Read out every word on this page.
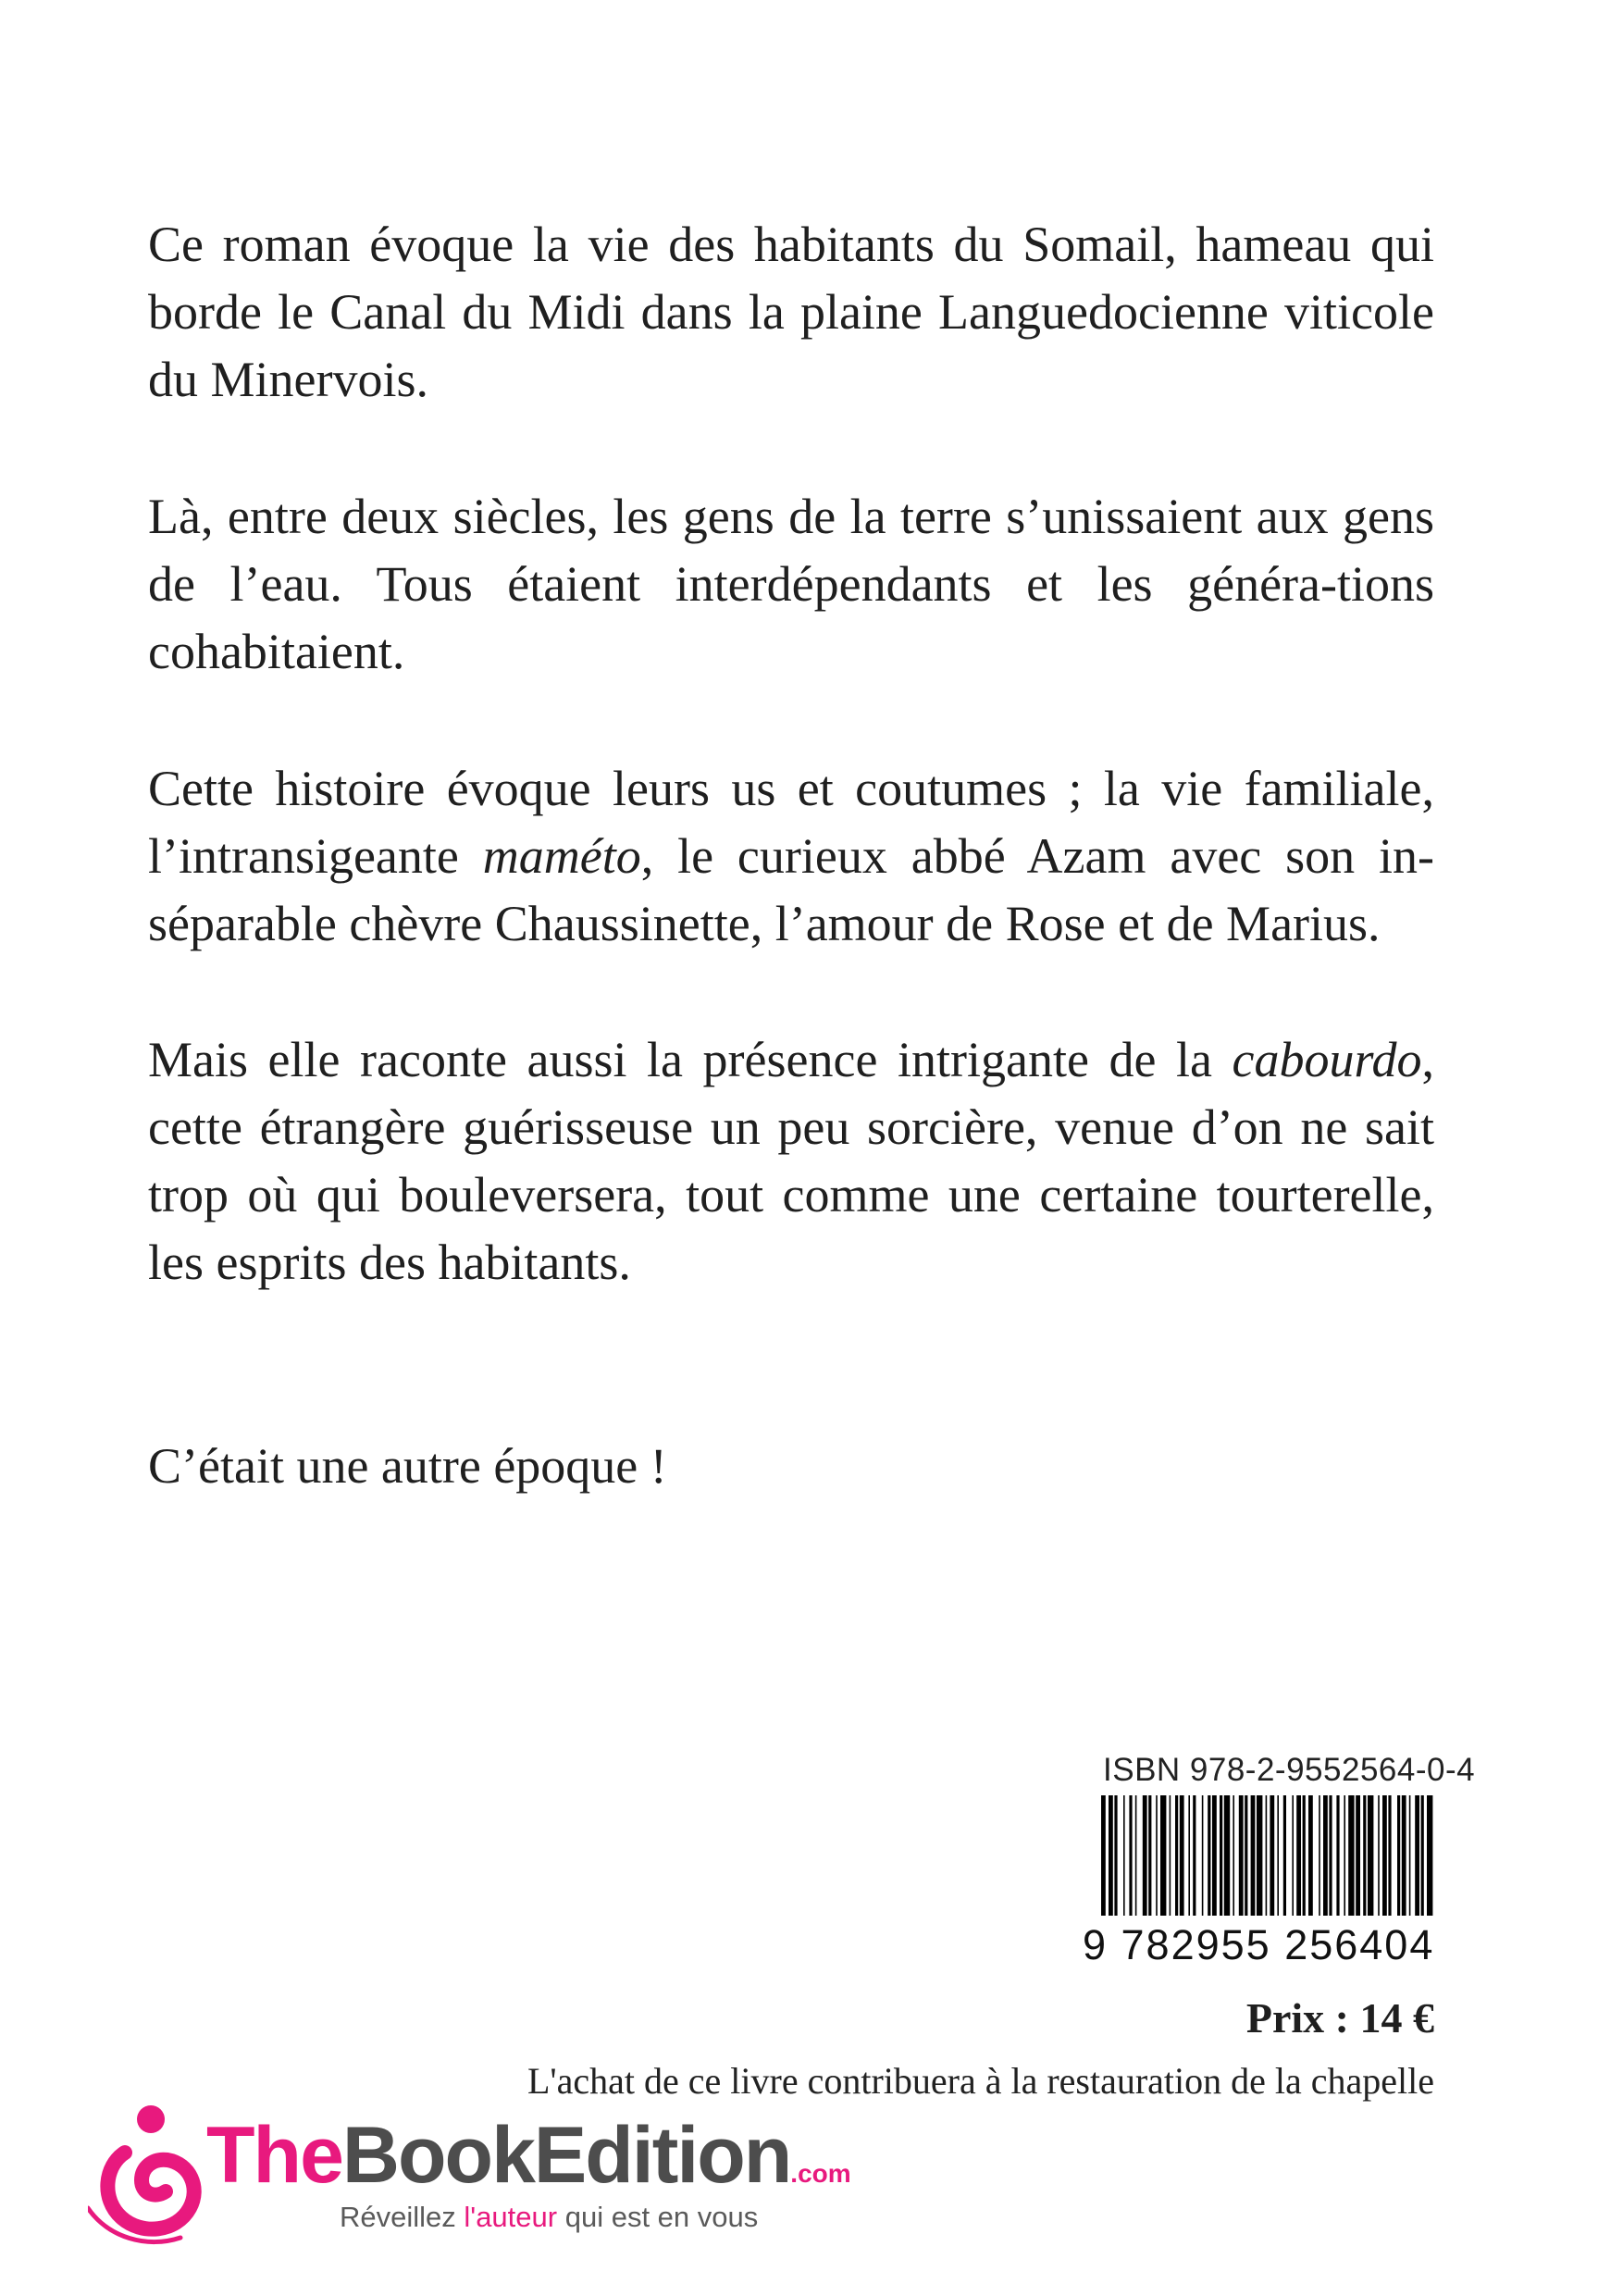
Ce roman évoque la vie des habitants du Somail, hameau qui borde le Canal du Midi dans la plaine Languedocienne viticole du Minervois.

Là, entre deux siècles, les gens de la terre s’unissaient aux gens de l’eau. Tous étaient interdépendants et les généra-tions cohabitaient.

Cette histoire évoque leurs us et coutumes ; la vie familiale, l’intransigeante maméto, le curieux abbé Azam avec son in-séparable chèvre Chaussinette, l’amour de Rose et de Marius.

Mais elle raconte aussi la présence intrigante de la cabourdo, cette étrangère guérisseuse un peu sorcière, venue d’on ne sait trop où qui bouleversera, tout comme une certaine tourterelle, les esprits des habitants.

C’était une autre époque !

ISBN 978-2-9552564-0-4
9 782955 256404
Prix : 14 €
L'achat de ce livre contribuera à la restauration de la chapelle
TheBookEdition.com
Réveillez l'auteur qui est en vous
